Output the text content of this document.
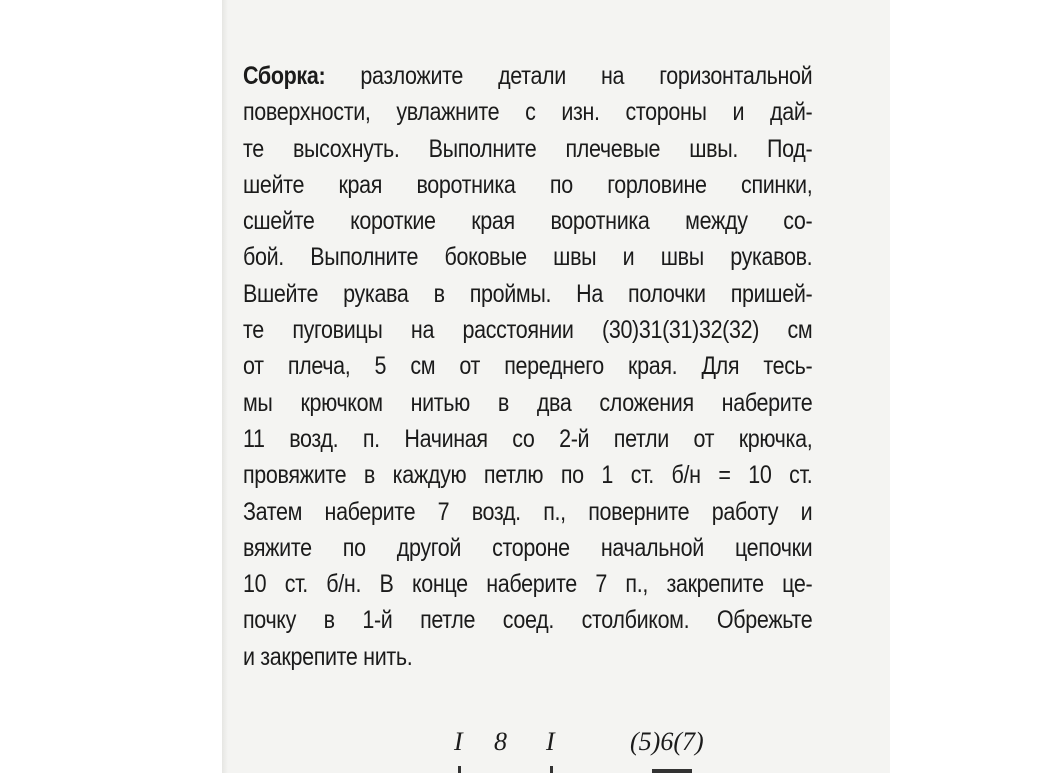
Сборка: разложите детали на горизонтальной
поверхности, увлажните с изн. стороны и дай-
те высохнуть. Выполните плечевые швы. Под-
шейте края воротника по горловине спинки,
сшейте короткие края воротника между со-
бой. Выполните боковые швы и швы рукавов.
Вшейте рукава в проймы. На полочки пришей-
те пуговицы на расстоянии (30)31(31)32(32) см
от плеча, 5 см от переднего края. Для тесь-
мы крючком нитью в два сложения наберите
11 возд. п. Начиная со 2-й петли от крючка,
провяжите в каждую петлю по 1 ст. б/н = 10 ст.
Затем наберите 7 возд. п., поверните работу и
вяжите по другой стороне начальной цепочки
10 ст. б/н. В конце наберите 7 п., закрепите це-
почку в 1-й петле соед. столбиком. Обрежьте
и закрепите нить.
I 8 I	(5)6(7)
